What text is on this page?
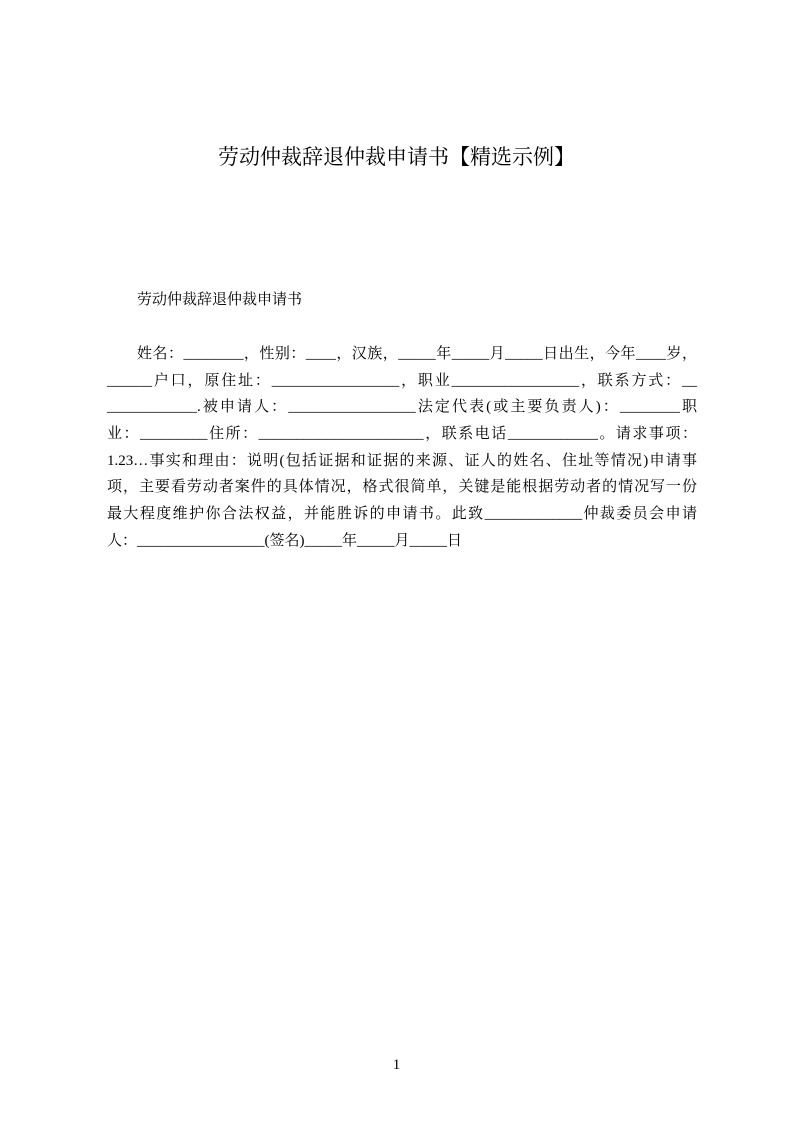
劳动仲裁辞退仲裁申请书【精选示例】
劳动仲裁辞退仲裁申请书
姓名：________，性别：____，汉族，_____年_____月_____日出生，今年____岁，
______户口，原住址：_________________，职业_________________，联系方式：__
____________.被申请人：_________________法定代表(或主要负责人)：________职
业：_________住所：______________________，联系电话____________。请求事项：
1.23…事实和理由：说明(包括证据和证据的来源、证人的姓名、住址等情况)申请事
项，主要看劳动者案件的具体情况，格式很简单，关键是能根据劳动者的情况写一份
最大程度维护你合法权益，并能胜诉的申请书。此致_____________仲裁委员会申请
人：_________________(签名)_____年_____月_____日
1
